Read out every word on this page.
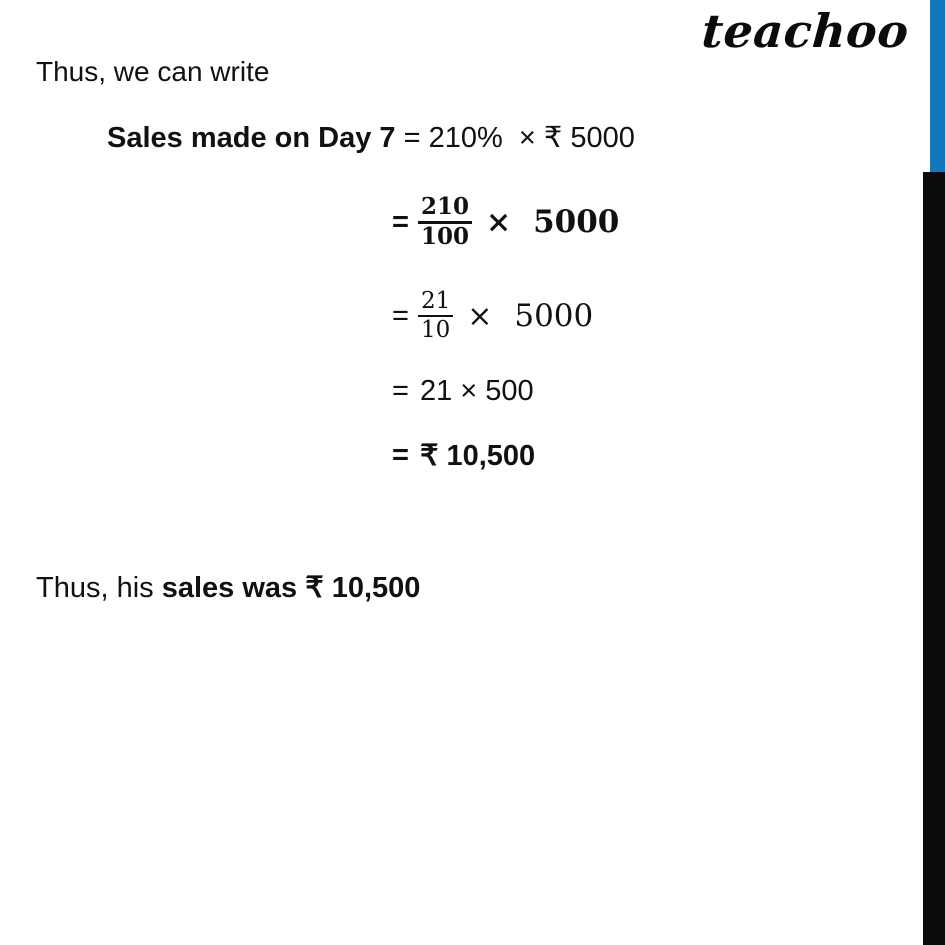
teachoo
Thus, we can write
Sales made on Day 7 = 210%  × ₹ 5000
= $\frac{210}{100} \times 5000$
= $\frac{21}{10} \times 5000$
= 21 × 500
= ₹ 10,500
Thus, his sales was ₹ 10,500
